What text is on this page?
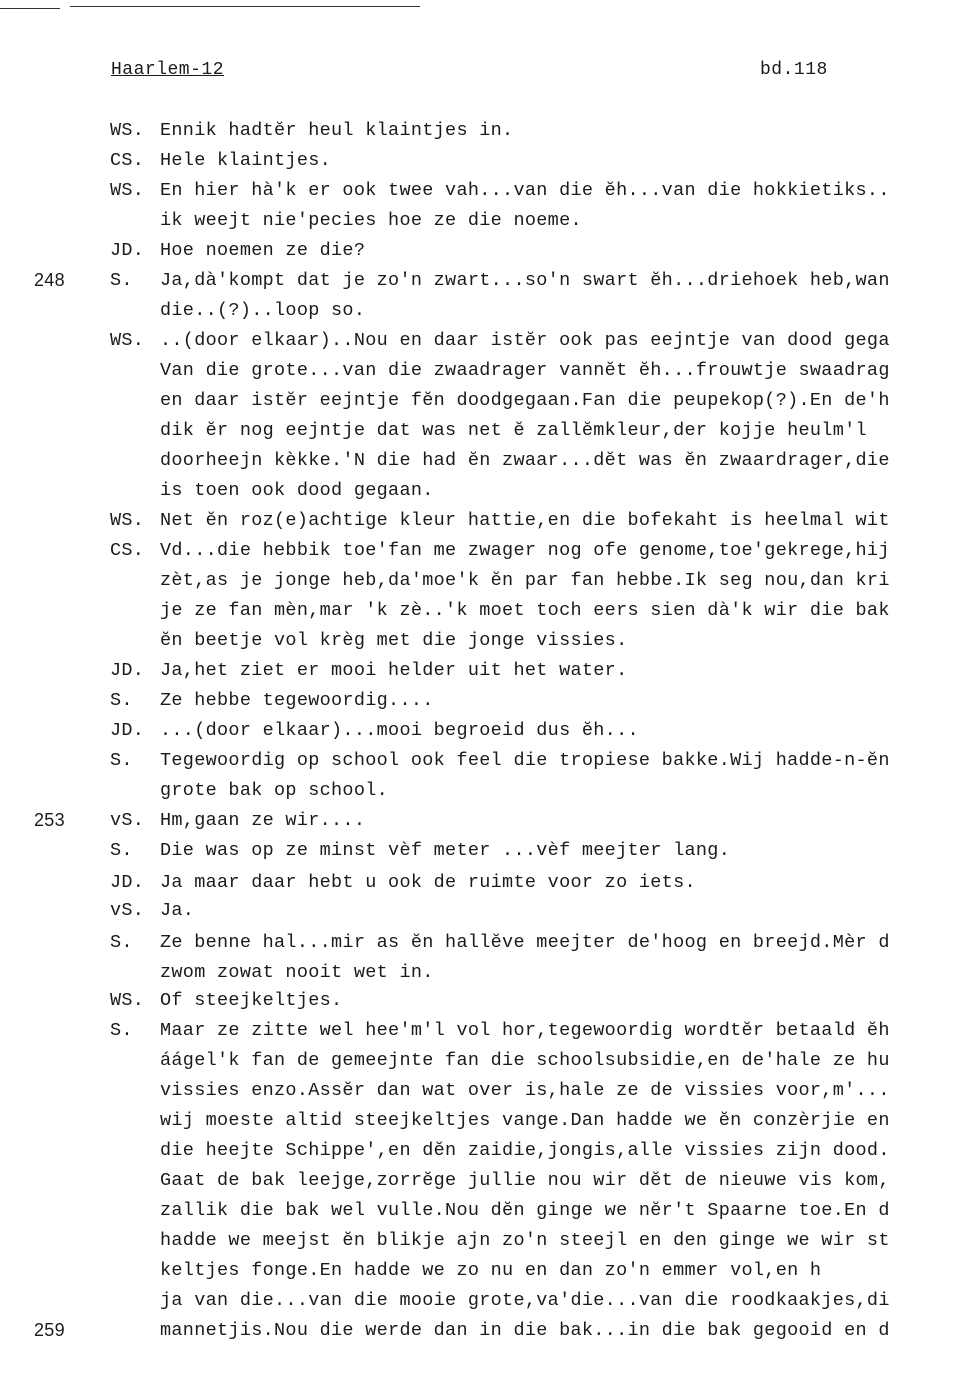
Haarlem-12	bd.118
WS. Ennik hadtĕr heul klaintjes in.
CS. Hele klaintjes.
WS. En hier hà'k er ook twee vah...van die ĕh...van die hokkietiks..
ik weejt nie'pecies hoe ze die noeme.
JD. Hoe noemen ze die?
248 S. Ja,dà'kompt dat je zo'n zwart...so'n swart ĕh...driehoek heb,wan
die..(?)..loop so.
WS. ..(door elkaar)..Nou en daar istĕr ook pas eejntje van dood gega
Van die grote...van die zwaadrager vannĕt ĕh...frouwtje swaadrag
en daar istĕr eejntje fĕn doodgegaan.Fan die peupekop(?).En de'h
dik ĕr nog eejntje dat was net ĕ zallĕmkleur,der kojje heulm'l
doorheejn kèkke.'N die had ĕn zwaar...dĕt was ĕn zwaardrager,die
is toen ook dood gegaan.
WS. Net ĕn roz(e)achtige kleur hattie,en die bofekaht is heelmal wit
CS. Vd...die hebbik toe'fan me zwager nog ofe genome,toe'gekrege,hij
zèt,as je jonge heb,da'moe'k ĕn par fan hebbe.Ik seg nou,dan kri
je ze fan mèn,mar 'k zè..'k moet toch eers sien dà'k wir die bak
ĕn beetje vol krèg met die jonge vissies.
JD. Ja,het ziet er mooi helder uit het water.
S. Ze hebbe tegewoordig....
JD. ...(door elkaar)...mooi begroeid dus ĕh...
S. Tegewoordig op school ook feel die tropiese bakke.Wij hadde-n-ĕn
grote bak op school.
253 vS. Hm,gaan ze wir....
S. Die was op ze minst vèf meter ...vèf meejter lang.
JD. Ja maar daar hebt u ook de ruimte voor zo iets.
vS. Ja.
S. Ze benne hal...mir as ĕn hallĕve meejter de'hoog en breejd.Mèr d
zwom zowat nooit wet in.
WS. Of steejkeltjes.
S. Maar ze zitte wel hee'm'l vol hor,tegewoordig wordtĕr betaald ĕh
áágel'k fan de gemeejnte fan die schoolsubsidie,en de'hale ze hu
vissies enzo.Assĕr dan wat over is,hale ze de vissies voor,m'...
wij moeste altid steejkeltjes vange.Dan hadde we ĕn conzèrjie en
die heejte Schippe',en dĕn zaidie,jongis,alle vissies zijn dood.
Gaat de bak leejge,zorrĕge jullie nou wir dĕt de nieuwe vis kom,
zallik die bak wel vulle.Nou dĕn ginge we nĕr't Spaarne toe.En d
hadde we meejst ĕn blikje ajn zo'n steejl en den ginge we wir st
keltjes fonge.En hadde we zo nu en dan zo'n emmer vol,en h
ja van die...van die mooie grote,va'die...van die roodkaakjes,di
259	mannetjis.Nou die werde dan in die bak...in die bak gegooid en d
